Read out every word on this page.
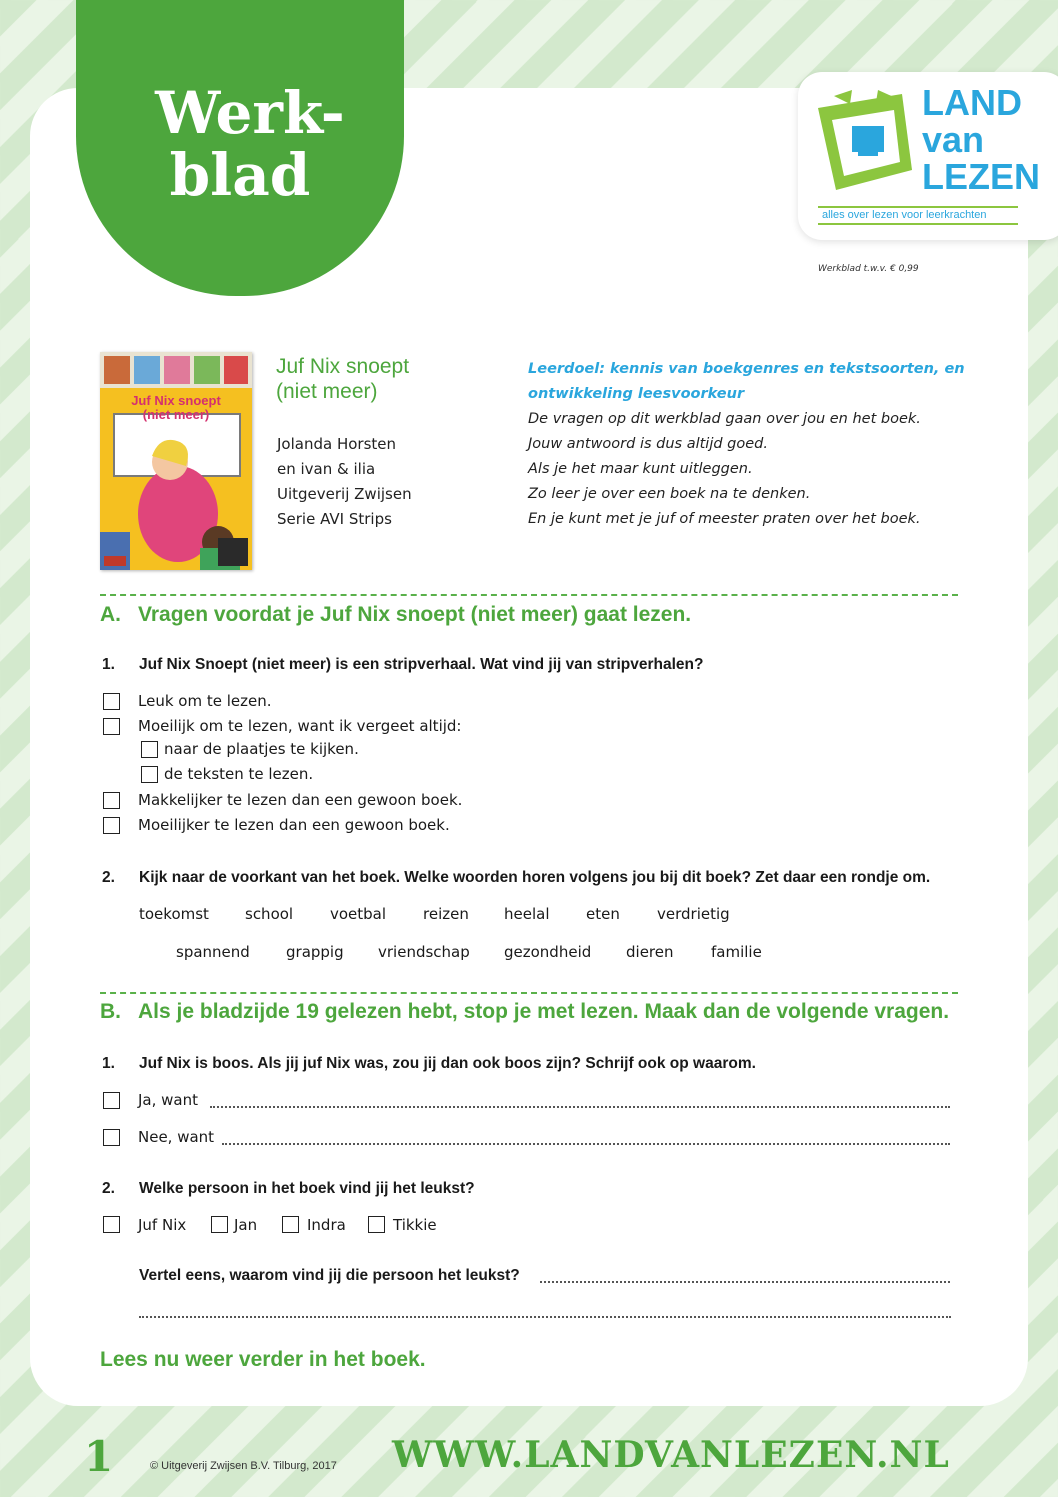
Werk-
blad
LAND
van
LEZEN
alles over lezen voor leerkrachten
Werkblad t.w.v. € 0,99
Juf Nix snoept (niet meer)
Juf Nix snoept
(niet meer)
Jolanda Horsten
en ivan & ilia
Uitgeverij Zwijsen
Serie AVI Strips
Leerdoel: kennis van boekgenres en tekstsoorten, en
ontwikkeling leesvoorkeur
De vragen op dit werkblad gaan over jou en het boek.
Jouw antwoord is dus altijd goed.
Als je het maar kunt uitleggen.
Zo leer je over een boek na te denken.
En je kunt met je juf of meester praten over het boek.
A. Vragen voordat je Juf Nix snoept (niet meer) gaat lezen.
1. Juf Nix Snoept (niet meer) is een stripverhaal. Wat vind jij van stripverhalen?
Leuk om te lezen.
Moeilijk om te lezen, want ik vergeet altijd:
naar de plaatjes te kijken.
de teksten te lezen.
Makkelijker te lezen dan een gewoon boek.
Moeilijker te lezen dan een gewoon boek.
2. Kijk naar de voorkant van het boek. Welke woorden horen volgens jou bij dit boek? Zet daar een rondje om.
toekomst school voetbal reizen heelal eten verdrietig
spannend grappig vriendschap gezondheid dieren	familie
B. Als je bladzijde 19 gelezen hebt, stop je met lezen. Maak dan de volgende vragen.
1. Juf Nix is boos. Als jij juf Nix was, zou jij dan ook boos zijn? Schrijf ook op waarom.
Ja, want
Nee, want
2. Welke persoon in het boek vind jij het leukst?
Juf Nix	Jan	Indra	Tikkie
Vertel eens, waarom vind jij die persoon het leukst?
Lees nu weer verder in het boek.
1	© Uitgeverij Zwijsen B.V. Tilburg, 2017 WWW.LANDVANLEZEN.NL
